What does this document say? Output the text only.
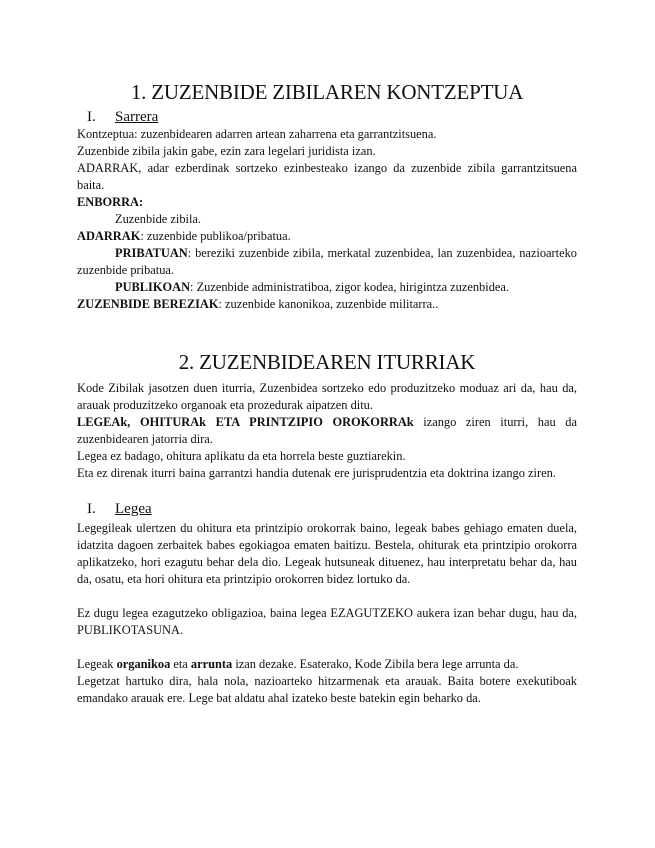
1. ZUZENBIDE ZIBILAREN KONTZEPTUA
I. Sarrera

Kontzeptua: zuzenbidearen adarren artean zaharrena eta garrantzitsuena.

Zuzenbide zibila jakin gabe, ezin zara legelari juridista izan.

ADARRAK, adar ezberdinak sortzeko ezinbesteako izango da zuzenbide zibila garrantzitsuena baita.

ENBORRA:

Zuzenbide zibila.

ADARRAK: zuzenbide publikoa/pribatua.

PRIBATUAN: bereziki zuzenbide zibila, merkatal zuzenbidea, lan zuzenbidea, nazioarteko zuzenbide pribatua.

PUBLIKOAN: Zuzenbide administratiboa, zigor kodea, hirigintza zuzenbidea.

ZUZENBIDE BEREZIAK: zuzenbide kanonikoa, zuzenbide militarra..

2. ZUZENBIDEAREN ITURRIAK

Kode Zibilak jasotzen duen iturria, Zuzenbidea sortzeko edo produzitzeko moduaz ari da, hau da, arauak produzitzeko organoak eta prozedurak aipatzen ditu.

LEGEAk, OHITURAk ETA PRINTZIPIO OROKORRAk izango ziren iturri, hau da zuzenbidearen jatorria dira.

Legea ez badago, ohitura aplikatu da eta horrela beste guztiarekin.

Eta ez direnak iturri baina garrantzi handia dutenak ere jurisprudentzia eta doktrina izango ziren.

I. Legea

Legegileak ulertzen du ohitura eta printzipio orokorrak baino, legeak babes gehiago ematen duela, idatzita dagoen zerbaitek babes egokiagoa ematen baitizu. Bestela, ohiturak eta printzipio orokorra aplikatzeko, hori ezagutu behar dela dio. Legeak hutsuneak dituenez, hau interpretatu behar da, hau da, osatu, eta hori ohitura eta printzipio orokorren bidez lortuko da.

Ez dugu legea ezagutzeko obligazioa, baina legea EZAGUTZEKO aukera izan behar dugu, hau da, PUBLIKOTASUNA.

Legeak organikoa eta arrunta izan dezake. Esaterako, Kode Zibila bera lege arrunta da.

Legetzat hartuko dira, hala nola, nazioarteko hitzarmenak eta arauak. Baita botere exekutiboak emandako arauak ere. Lege bat aldatu ahal izateko beste batekin egin beharko da.
